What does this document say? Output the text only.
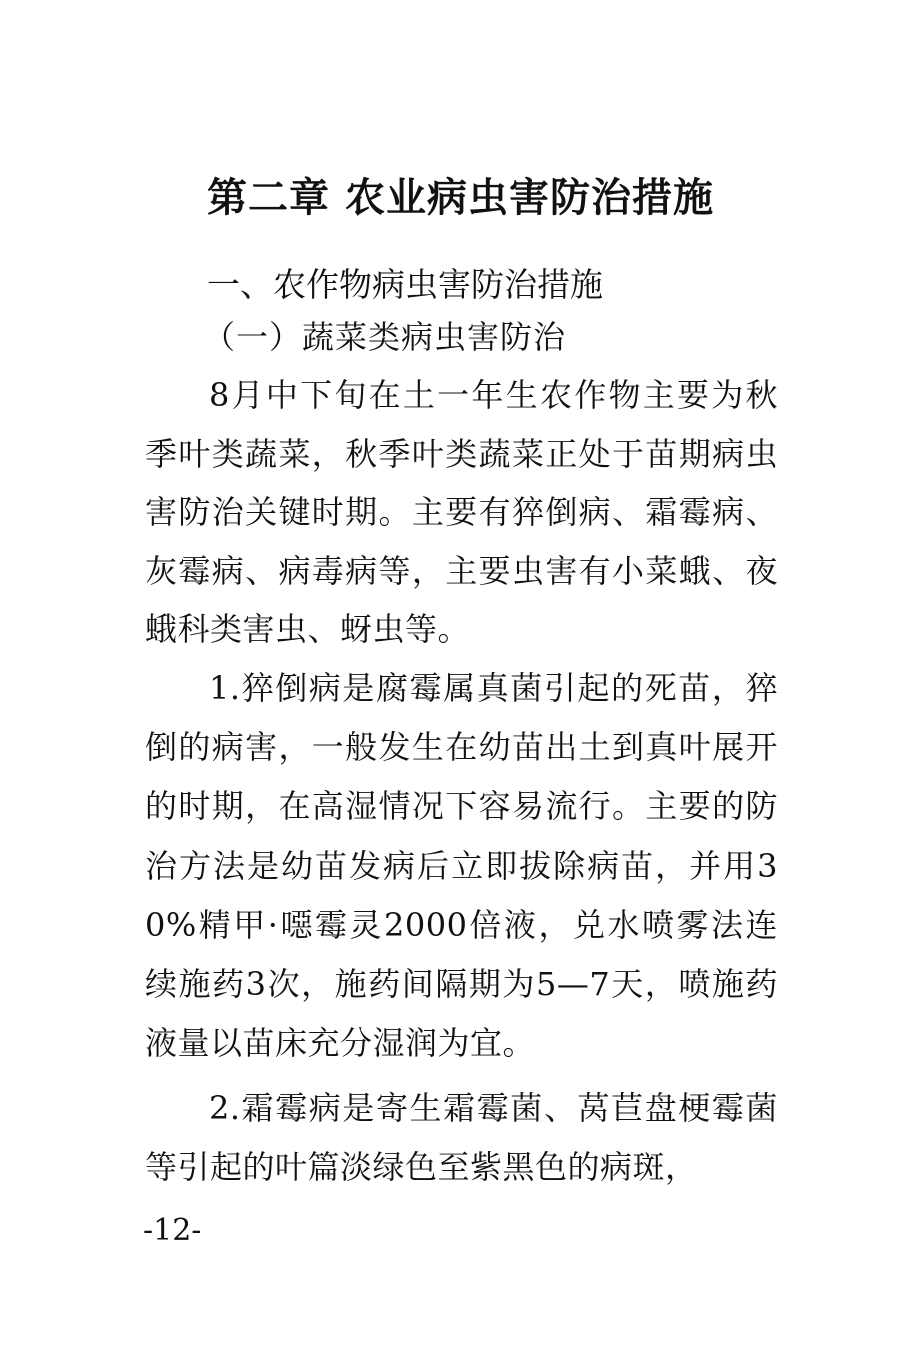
第二章 农业病虫害防治措施
一、农作物病虫害防治措施
（一）蔬菜类病虫害防治

8月中下旬在土一年生农作物主要为秋季叶类蔬菜，秋季叶类蔬菜正处于苗期病虫害防治关键时期。主要有猝倒病、霜霉病、灰霉病、病毒病等，主要虫害有小菜蛾、夜蛾科类害虫、蚜虫等。

1.猝倒病是腐霉属真菌引起的死苗，猝倒的病害，一般发生在幼苗出土到真叶展开的时期，在高湿情况下容易流行。主要的防治方法是幼苗发病后立即拔除病苗，并用30%精甲·噁霉灵2000倍液，兑水喷雾法连续施药3次，施药间隔期为5—7天，喷施药液量以苗床充分湿润为宜。

2.霜霉病是寄生霜霉菌、莴苣盘梗霉菌等引起的叶篇淡绿色至紫黑色的病斑，

-12-
